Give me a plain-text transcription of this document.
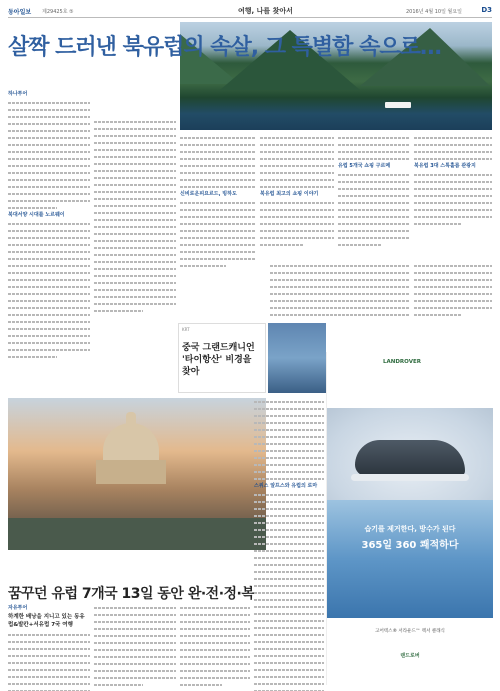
동아일보 제29425호 ⑤	여행, 나를 찾아서	2016년 4월 10일 월요일	D3
살짝 드러낸 북유럽의 속살, 그 특별함 속으로…
하나투어
북대서양 시대를 노르웨이
신비로운피요르드, 빙하도	북유럽 최고의 쇼핑 이야기
유럽 5개국 쇼핑 구르메	북유럽 3대 스톡홀름 관광지
KRT
중국 그랜드캐니언 '타이항산' 비경을 찾아
꿈꾸던 유럽 7개국 13일 동안 완·전·정·복
자유투어
하계한 배낭을 지니고 있는 동유럽&발칸+서유럽 7국 여행
스위스 알프스와 유럽의 로마
LANDROVER
습기를 제거한다, 방수가 된다
365일 360 쾌적하다
고어텍스® 서라운드™ 렉서 클래식
랜드로버
